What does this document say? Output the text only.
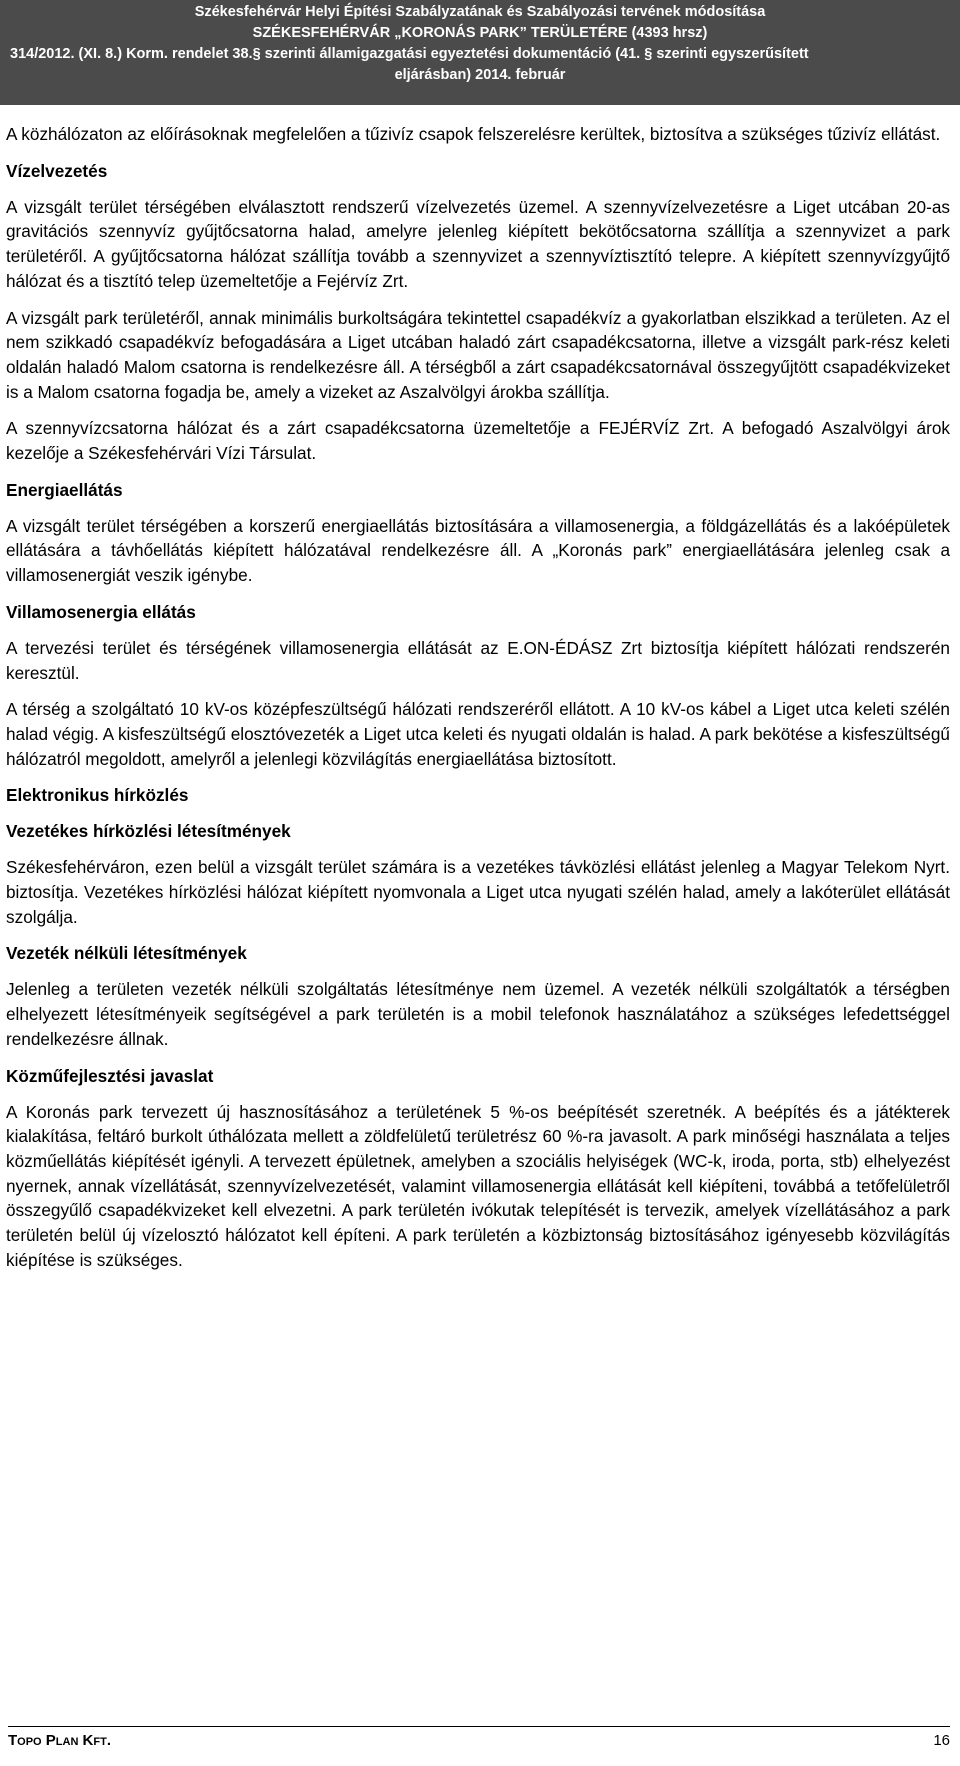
Székesfehérvár Helyi Építési Szabályzatának és Szabályozási tervének módosítása
SZÉKESFEHÉRVÁR „KORONÁS PARK” TERÜLETÉRE (4393 hrsz)
314/2012. (XI. 8.) Korm. rendelet 38.§ szerinti államigazgatási egyeztetési dokumentáció (41. § szerinti egyszerűsített
eljárásban) 2014. február

A közhálózaton az előírásoknak megfelelően a tűzivíz csapok felszerelésre kerültek, biztosítva a szükséges tűzivíz ellátást.

Vízelvezetés

A vizsgált terület térségében elválasztott rendszerű vízelvezetés üzemel. A szennyvízelvezetésre a Liget utcában 20-as gravitációs szennyvíz gyűjtőcsatorna halad, amelyre jelenleg kiépített bekötőcsatorna szállítja a szennyvizet a park területéről. A gyűjtőcsatorna hálózat szállítja tovább a szennyvizet a szennyvíztisztító telepre. A kiépített szennyvízgyűjtő hálózat és a tisztító telep üzemeltetője a Fejérvíz Zrt.

A vizsgált park területéről, annak minimális burkoltságára tekintettel csapadékvíz a gyakorlatban elszikkad a területen. Az el nem szikkadó csapadékvíz befogadására a Liget utcában haladó zárt csapadékcsatorna, illetve a vizsgált park-rész keleti oldalán haladó Malom csatorna is rendelkezésre áll. A térségből a zárt csapadékcsatornával összegyűjtött csapadékvizeket is a Malom csatorna fogadja be, amely a vizeket az Aszalvölgyi árokba szállítja.

A szennyvízcsatorna hálózat és a zárt csapadékcsatorna üzemeltetője a FEJÉRVÍZ Zrt. A befogadó Aszalvölgyi árok kezelője a Székesfehérvári Vízi Társulat.

Energiaellátás

A vizsgált terület térségében a korszerű energiaellátás biztosítására a villamosenergia, a földgázellátás és a lakóépületek ellátására a távhőellátás kiépített hálózatával rendelkezésre áll. A „Koronás park” energiaellátására jelenleg csak a villamosenergiát veszik igénybe.

Villamosenergia ellátás

A tervezési terület és térségének villamosenergia ellátását az E.ON-ÉDÁSZ Zrt biztosítja kiépített hálózati rendszerén keresztül.

A térség a szolgáltató 10 kV-os középfeszültségű hálózati rendszeréről ellátott. A 10 kV-os kábel a Liget utca keleti szélén halad végig. A kisfeszültségű elosztóvezeték a Liget utca keleti és nyugati oldalán is halad. A park bekötése a kisfeszültségű hálózatról megoldott, amelyről a jelenlegi közvilágítás energiaellátása biztosított.

Elektronikus hírközlés
Vezetékes hírközlési létesítmények

Székesfehérváron, ezen belül a vizsgált terület számára is a vezetékes távközlési ellátást jelenleg a Magyar Telekom Nyrt. biztosítja. Vezetékes hírközlési hálózat kiépített nyomvonala a Liget utca nyugati szélén halad, amely a lakóterület ellátását szolgálja.

Vezeték nélküli létesítmények

Jelenleg a területen vezeték nélküli szolgáltatás létesítménye nem üzemel. A vezeték nélküli szolgáltatók a térségben elhelyezett létesítményeik segítségével a park területén is a mobil telefonok használatához a szükséges lefedettséggel rendelkezésre állnak.

Közműfejlesztési javaslat

A Koronás park tervezett új hasznosításához a területének 5 %-os beépítését szeretnék. A beépítés és a játékterek kialakítása, feltáró burkolt úthálózata mellett a zöldfelületű területrész 60 %-ra javasolt. A park minőségi használata a teljes közműellátás kiépítését igényli. A tervezett épületnek, amelyben a szociális helyiségek (WC-k, iroda, porta, stb) elhelyezést nyernek, annak vízellátását, szennyvízelvezetését, valamint villamosenergia ellátását kell kiépíteni, továbbá a tetőfelületről összegyűlő csapadékvizeket kell elvezetni. A park területén ivókutak telepítését is tervezik, amelyek vízellátásához a park területén belül új vízelosztó hálózatot kell építeni. A park területén a közbiztonság biztosításához igényesebb közvilágítás kiépítése is szükséges.

Topo Plan Kft.	16
